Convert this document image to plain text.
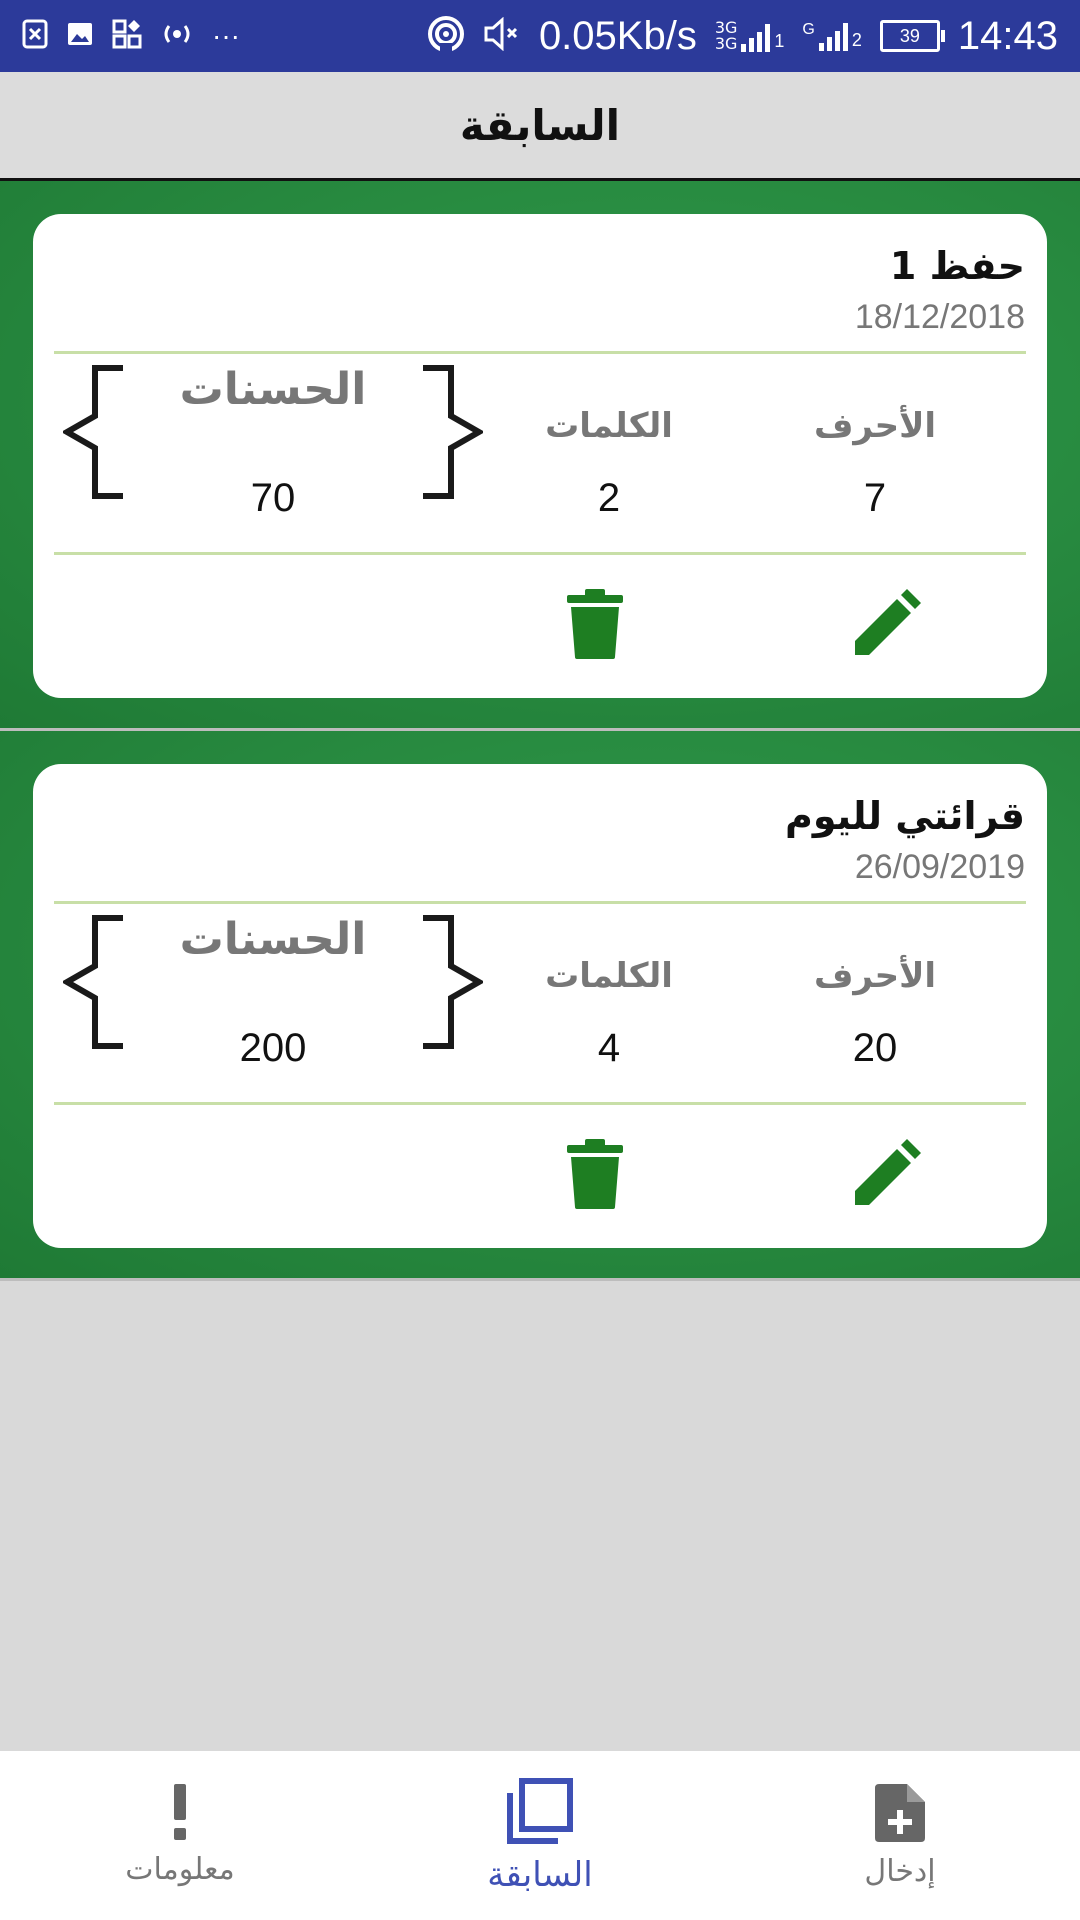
···	0.05Kb/s 3G
3G 1
G
2 39 14:43
السابقة
حفظ 1
18/12/2018
الأحرف
7
الكلمات
2
الحسنات
70
قرائتي لليوم
26/09/2019
الأحرف
20
الكلمات
4
الحسنات
200
إدخال
السابقة
معلومات
